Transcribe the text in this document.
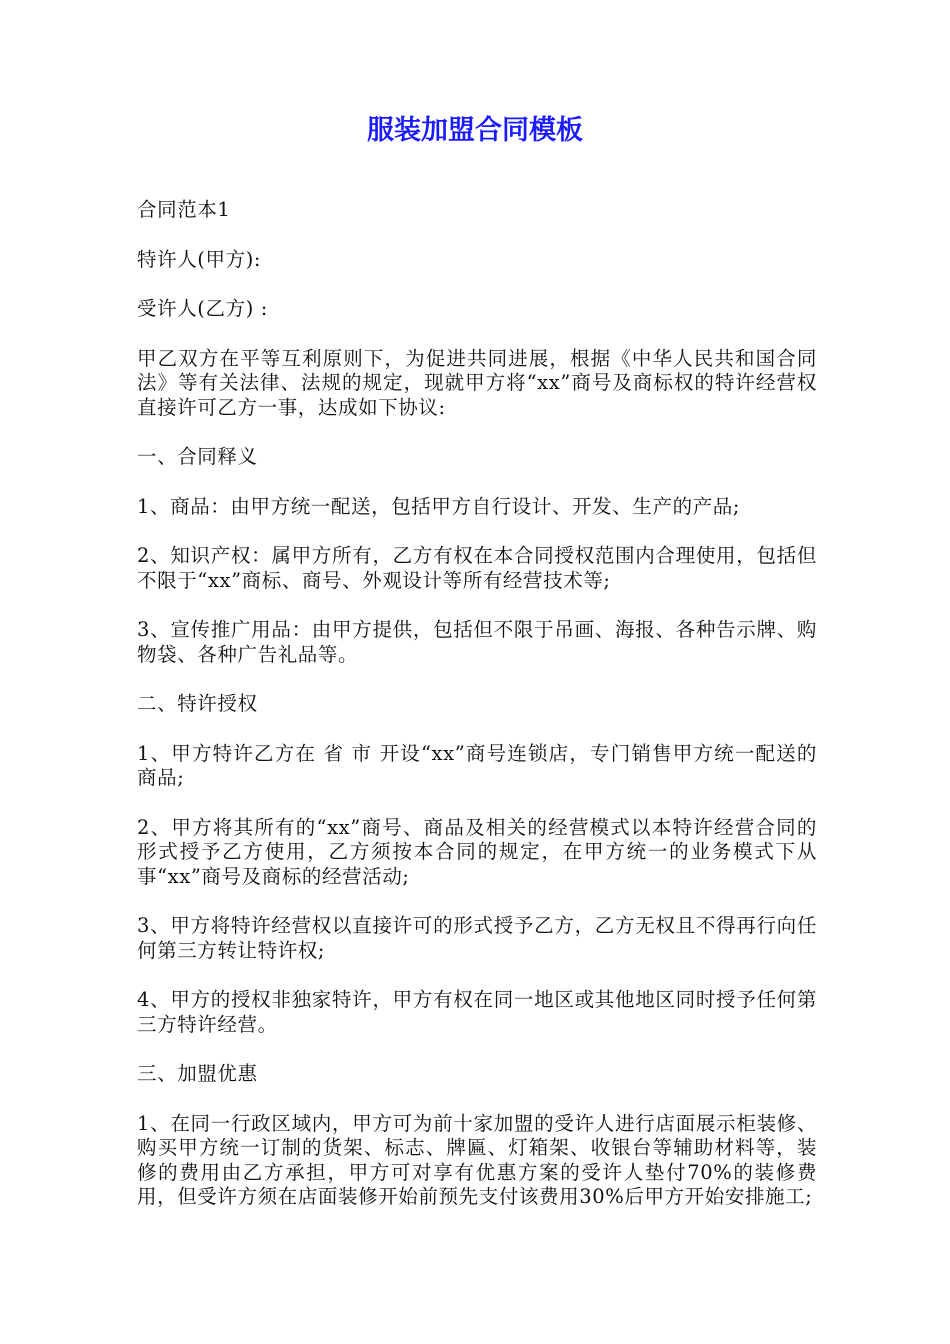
服装加盟合同模板

合同范本1

特许人(甲方):

受许人(乙方) :

甲乙双方在平等互利原则下，为促进共同进展，根据《中华人民共和国合同法》等有关法律、法规的规定，现就甲方将“xx”商号及商标权的特许经营权直接许可乙方一事，达成如下协议:

一、合同释义

1、商品：由甲方统一配送，包括甲方自行设计、开发、生产的产品;

2、知识产权：属甲方所有，乙方有权在本合同授权范围内合理使用，包括但不限于“xx”商标、商号、外观设计等所有经营技术等;

3、宣传推广用品：由甲方提供，包括但不限于吊画、海报、各种告示牌、购物袋、各种广告礼品等。

二、特许授权

1、甲方特许乙方在 省 市 开设“xx”商号连锁店，专门销售甲方统一配送的商品;

2、甲方将其所有的“xx”商号、商品及相关的经营模式以本特许经营合同的形式授予乙方使用，乙方须按本合同的规定，在甲方统一的业务模式下从事“xx”商号及商标的经营活动;

3、甲方将特许经营权以直接许可的形式授予乙方，乙方无权且不得再行向任何第三方转让特许权;

4、甲方的授权非独家特许，甲方有权在同一地区或其他地区同时授予任何第三方特许经营。

三、加盟优惠

1、在同一行政区域内，甲方可为前十家加盟的受许人进行店面展示柜装修、购买甲方统一订制的货架、标志、牌匾、灯箱架、收银台等辅助材料等，装修的费用由乙方承担，甲方可对享有优惠方案的受许人垫付70%的装修费用，但受许方须在店面装修开始前预先支付该费用30%后甲方开始安排施工;
